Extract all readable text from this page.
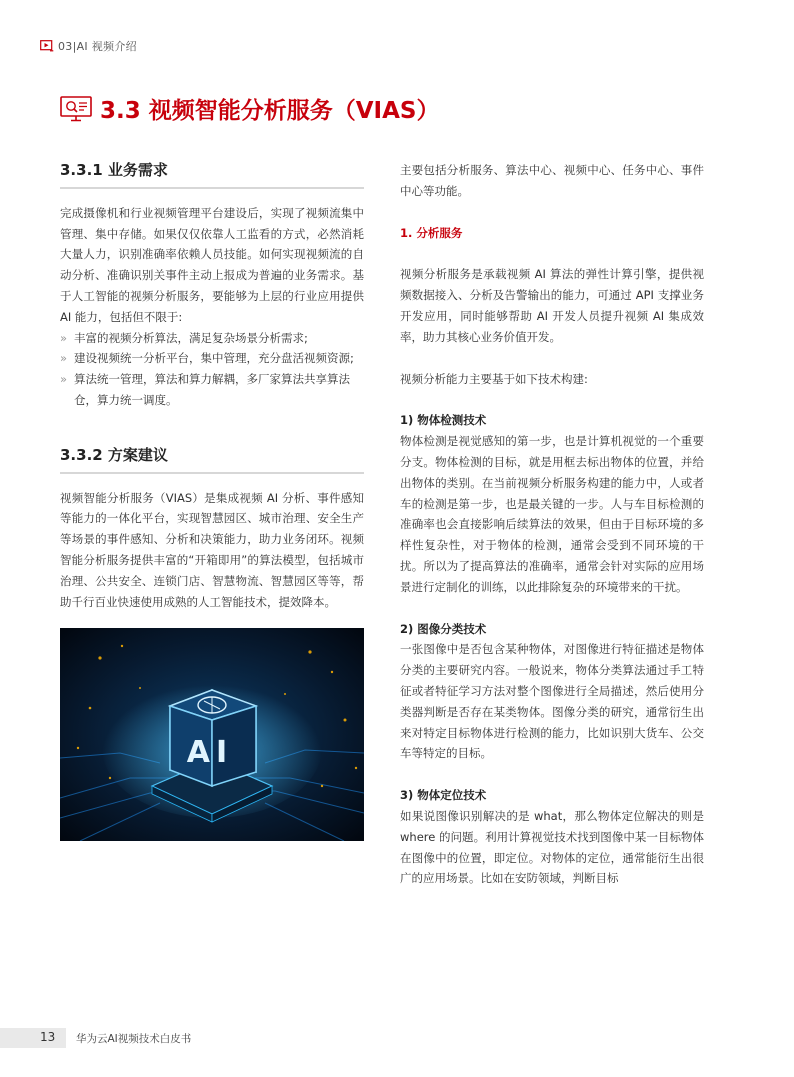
03|AI 视频介绍
3.3 视频智能分析服务（VIAS）
3.3.1 业务需求

完成摄像机和行业视频管理平台建设后，实现了视频流集中管理、集中存储。如果仅仅依靠人工监看的方式，必然消耗大量人力，识别准确率依赖人员技能。如何实现视频流的自动分析、准确识别关事件主动上报成为普遍的业务需求。基于人工智能的视频分析服务，要能够为上层的行业应用提供 AI 能力，包括但不限于:

» 丰富的视频分析算法，满足复杂场景分析需求;
» 建设视频统一分析平台，集中管理，充分盘活视频资源;
» 算法统一管理，算法和算力解耦，多厂家算法共享算法仓，算力统一调度。
3.3.2 方案建议

视频智能分析服务（VIAS）是集成视频 AI 分析、事件感知等能力的一体化平台，实现智慧园区、城市治理、安全生产等场景的事件感知、分析和决策能力，助力业务闭环。视频智能分析服务提供丰富的“开箱即用”的算法模型，包括城市治理、公共安全、连锁门店、智慧物流、智慧园区等等，帮助千行百业快速使用成熟的人工智能技术，提效降本。

AI

主要包括分析服务、算法中心、视频中心、任务中心、事件中心等功能。

1. 分析服务

视频分析服务是承载视频 AI 算法的弹性计算引擎，提供视频数据接入、分析及告警输出的能力，可通过 API 支撑业务开发应用，同时能够帮助 AI 开发人员提升视频 AI 集成效率，助力其核心业务价值开发。

视频分析能力主要基于如下技术构建:

1) 物体检测技术

物体检测是视觉感知的第一步，也是计算机视觉的一个重要分支。物体检测的目标，就是用框去标出物体的位置，并给出物体的类别。在当前视频分析服务构建的能力中，人或者车的检测是第一步，也是最关键的一步。人与车目标检测的准确率也会直接影响后续算法的效果，但由于目标环境的多样性复杂性，对于物体的检测，通常会受到不同环境的干扰。所以为了提高算法的准确率，通常会针对实际的应用场景进行定制化的训练，以此排除复杂的环境带来的干扰。

2) 图像分类技术

一张图像中是否包含某种物体，对图像进行特征描述是物体分类的主要研究内容。一般说来，物体分类算法通过手工特征或者特征学习方法对整个图像进行全局描述，然后使用分类器判断是否存在某类物体。图像分类的研究，通常衍生出来对特定目标物体进行检测的能力，比如识别大货车、公交车等特定的目标。

3) 物体定位技术

如果说图像识别解决的是 what，那么物体定位解决的则是 where 的问题。利用计算视觉技术找到图像中某一目标物体在图像中的位置，即定位。对物体的定位，通常能衍生出很广的应用场景。比如在安防领域，判断目标

13 华为云AI视频技术白皮书
